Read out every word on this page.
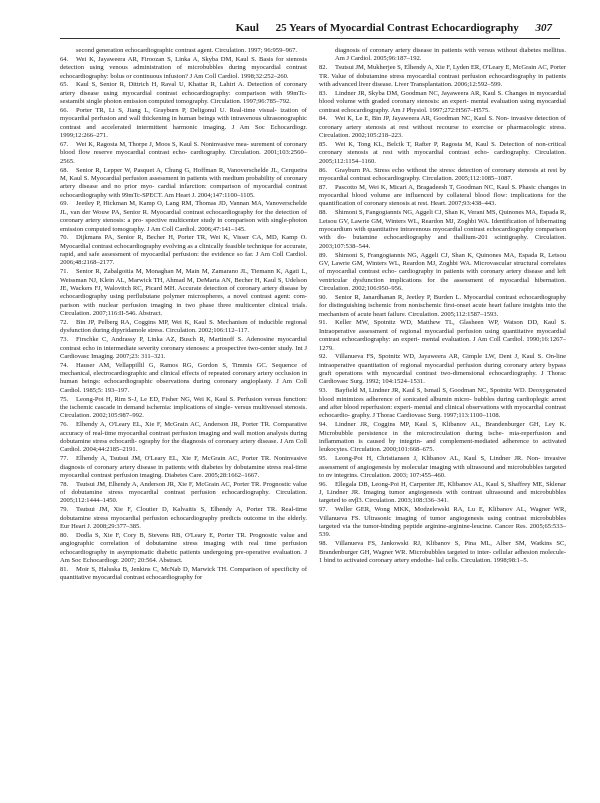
Kaul 25 Years of Myocardial Contrast Echocardiography 307
second generation echocardiographic contrast agent. Circulation. 1997; 96:959–967.
64. Wei K, Jayaweera AR, Firoozan S, Linka A, Skyba DM, Kaul S. Basis for stenosis detection using venous administration of microbubbles during myocardial contrast echocardiography: bolus or continuous infusion? J Am Coll Cardiol. 1998;32:252–260.
65. Kaul S, Senior R, Dittrich H, Raval U, Khattar R, Lahiri A. Detection of coronary artery disease using myocardial contrast echocardiography: comparison with 99mTc-sestamibi single photon emission computed tomography. Circulation. 1997;96:785–792.
66. Porter TR, Li S, Jiang L, Grayburn P, Deligonul U. Real-time visual- ization of myocardial perfusion and wall thickening in human beings with intravenous ultrasonographic contrast and accelerated intermittent harmonic imaging. J Am Soc Echocardiogr. 1999;12:266–271.
67. Wei K, Ragosta M, Thorpe J, Moos S, Kaul S. Noninvasive mea- surement of coronary blood flow reserve myocardial contrast echo- cardiography. Circulation. 2001;103:2560–2565.
68. Senior R, Lepper W, Pasquet A, Chung G, Hoffman R, Vanoverschelde JL, Cerqueira M, Kaul S. Myocardial perfusion assessment in patients with medium probability of coronary artery disease and no prior myo- cardial infarction: comparison of myocardial contrast echocardiography with 99mTc-SPECT. Am Heart J. 2004;147:1100–1105.
69. Jeetley P, Hickman M, Kamp O, Lang RM, Thomas JD, Vannan MA, Vanoverschelde JL, van der Wouw PA, Senior R. Myocardial contrast echocardiography for the detection of coronary artery stenosis: a pro- spective multicenter study in comparison with single-photon emission computed tomography. J Am Coll Cardiol. 2006;47:141–145.
70. Dijkmans PA, Senior R, Becher H, Porter TR, Wei K, Visser CA, MD, Kamp O. Myocardial contrast echocardiography evolving as a clinically feasible technique for accurate, rapid, and safe assessment of myocardial perfusion: the evidence so far. J Am Coll Cardiol. 2006;48:2168–2177.
71. Senior R, Zabalgoitia M, Monaghan M, Main M, Zamarano JL, Tiemann K, Agati L, Weissman NJ, Klein AL, Marwick TH, Ahmad M, DeMaria AN, Becher H, Kaul S, Udelson JE, Wackers FJ, Walovitch RC, Picard MH. Accurate detection of coronary artery disease by echocardiography using perflubutane polymer microspheres, a novel contrast agent: com- parison with nuclear perfusion imaging in two phase three multicenter clinical trials. Circulation. 2007;116:II-546. Abstract.
72. Bin JP, Pelberg RA, Coggins MP, Wei K, Kaul S. Mechanism of inducible regional dysfunction during dipyridamole stress. Circulation. 2002;106:112–117.
73. Firschke C, Andrassy P, Linka AZ, Busch R, Martinoff S. Adenosine myocardial contrast echo in intermediate severity coronary stenoses: a prospective two-center study. Int J Cardiovasc Imaging. 2007;23: 311–321.
74. Hauser AM, Vellappillil G, Ramos RG, Gordon S, Timmis GC. Sequence of mechanical, electrocardiographic and clinical effects of repeated coronary artery occlusion in human beings: echocardiographic observations during coronary angioplasty. J Am Coll Cardiol. 1985;5: 193–197.
75. Leong-Poi H, Rim S-J, Le ED, Fisher NG, Wei K, Kaul S. Perfusion versus function: the ischemic cascade in demand ischemia: implications of single- versus multivessel stenosis. Circulation. 2002;105:987–992.
76. Elhendy A, O'Leary EL, Xie F, McGrain AC, Anderson JR, Porter TR. Comparative accuracy of real-time myocardial contrast perfusion imaging and wall motion analysis during dobutamine stress echocardi- ography for the diagnosis of coronary artery disease. J Am Coll Cardiol. 2004;44:2185–2191.
77. Elhendy A, Tsutsui JM, O'Leary EL, Xie F, McGrain AC, Porter TR. Noninvasive diagnosis of coronary artery disease in patients with diabetes by dobutamine stress real-time myocardial contrast perfusion imaging. Diabetes Care. 2005;28:1662–1667.
78. Tsutsui JM, Elhendy A, Anderson JR, Xie F, McGrain AC, Porter TR. Prognostic value of dobutamine stress myocardial contrast perfusion echocardiography. Circulation. 2005;112:1444–1450.
79. Tsutsui JM, Xie F, Cloutier D, Kalvaitis S, Elhendy A, Porter TR. Real-time dobutamine stress myocardial perfusion echocardiography predicts outcome in the elderly. Eur Heart J. 2008;29:377–385.
80. Dodla S, Xie F, Cory B, Stevens RB, O'Leary E, Porter TR. Prognostic value and angiographic correlation of dobutamine stress imaging with real time perfusion echocardiography in asymptomatic diabetic patients undergoing pre-operative evaluation. J Am Soc Echocardiogr. 2007; 20:564. Abstract.
81. Moir S, Haluska B, Jenkins C, McNab D, Marwick TH. Comparison of specificity of quantitative myocardial contrast echocardiography for
diagnosis of coronary artery disease in patients with versus without diabetes mellitus. Am J Cardiol. 2005;96:187–192.
82. Tsutsui JM, Mukherjee S, Elhendy A, Xie F, Lyden ER, O'Leary E, McGrain AC, Porter TR. Value of dobutamine stress myocardial contrast perfusion echocardiography in patients with advanced liver disease. Liver Transplantation. 2006;12:592–599.
83. Lindner JR, Skyba DM, Goodman NC, Jayaweera AR, Kaul S. Changes in myocardial blood volume with graded coronary stenosis: an experi- mental evaluation using myocardial contrast echocardiography. Am J Physiol. 1997;272:H567–H575.
84. Wei K, Le E, Bin JP, Jayaweera AR, Goodman NC, Kaul S. Non- invasive detection of coronary artery stenosis at rest without recourse to exercise or pharmacologic stress. Circulation. 2002;105:218–223.
85. Wei K, Tong KL, Belcik T, Rafter P, Ragosta M, Kaul S. Detection of non-critical coronary stenosis at rest with myocardial contrast echo- cardiography. Circulation. 2005;112:1154–1160.
86. Grayburn PA. Stress echo without the stress: detection of coronary stenosis at rest by myocardial contrast echocardiography. Circulation. 2005;112:1085–1087.
87. Pascotto M, Wei K, Micari A, Bragadeesh T, Goodman NC, Kaul S. Phasic changes in myocardial blood volume are influenced by collateral blood flow: implications for the quantification of coronary stenosis at rest. Heart. 2007;93:438–443.
88. Shimoni S, Fangogiannis NG, Aggeli CJ, Shan K, Verani MS, Quinones MA, Espada R, Letsou GV, Lawrie GM, Winters WL, Reardon MJ, Zoghbi WA. Identification of hibernating myocardium with quantitative intravenous myocardial contrast echocardiography comparison with do- butamine echocardiography and thallium-201 scintigraphy. Circulation. 2003;107:538–544.
89. Shimoni S, Frangogiannis NG, Aggeli CJ, Shan K, Quinones MA, Espada R, Letsou GV, Lawrie GM, Winters WL, Reardon MJ, Zoghbi WA. Microvascular structural correlates of myocardial contrast echo- cardiography in patients with coronary artery disease and left ventricular dysfunction implications for the assessment of myocardial hibernation. Circulation. 2002;106:950–956.
90. Senior R, Janardhanan R, Jeetley P, Burden L. Myocardial contrast echocardiography for distinguishing ischemic from nonischemic first-onset acute heart failure insights into the mechanism of acute heart failure. Circulation. 2005;112:1587–1593.
91. Keller MW, Spotnitz WD, Matthew TL, Glasheen WP, Watson DD, Kaul S. Intraoperative assessment of regional myocardial perfusion using quantitative myocardial contrast echocardiography: an experi- mental evaluation. J Am Coll Cardiol. 1990;16:1267–1279.
92. Villanueva FS, Spotnitz WD, Jayaweera AR, Gimple LW, Dent J, Kaul S. On-line intraoperative quantitation of regional myocardial perfusion during coronary artery bypass graft operations with myocardial contrast two-dimensional echocardiography. J Thorac Cardiovasc Surg. 1992; 104:1524–1531.
93. Bayfield M, Lindner JR, Kaul S, Ismail S, Goodman NC, Spotnitz WD. Deoxygenated blood minimizes adherence of sonicated albumin micro- bubbles during cardioplegic arrest and after blood reperfusion: experi- mental and clinical observations with myocardial contrast echocardio- graphy. J Thorac Cardiovasc Surg. 1997;113:1100–1108.
94. Lindner JR, Coggins MP, Kaul S, Klibanov AL, Brandenburger GH, Ley K. Microbubble persistence in the microcirculation during ische- mia-reperfusion and inflammation is caused by integrin- and complement-mediated adherence to activated leukocytes. Circulation. 2000;101:668–675.
95. Leong-Poi H, Christiansen J, Klibanov AL, Kaul S, Lindner JR. Non- invasive assessment of angiogenesis by molecular imaging with ultrasound and microbubbles targeted to αv integrins. Circulation. 2003; 107:455–460.
96. Ellegala DB, Leong-Poi H, Carpenter JE, Klibanov AL, Kaul S, Shaffrey ME, Sklenar J, Lindner JR. Imaging tumor angiogenesis with contrast ultrasound and microbubbles targeted to αvβ3. Circulation. 2003;108:336–341.
97. Weller GER, Wong MKK, Modzelewski RA, Lu E, Klibanov AL, Wagner WR, Villanueva FS. Ultrasonic imaging of tumor angiogenesis using contrast microbubbles targeted via the tumor-binding peptide arginine-arginine-leucine. Cancer Res. 2005;65:533–539.
98. Villanueva FS, Jankowski RJ, Klibanov S, Pina ML, Alber SM, Watkins SC, Brandenburger GH, Wagner WR. Microbubbles targeted to inter- cellular adhesion molecule-1 bind to activated coronary artery endothe- lial cells. Circulation. 1998;98:1–5.
